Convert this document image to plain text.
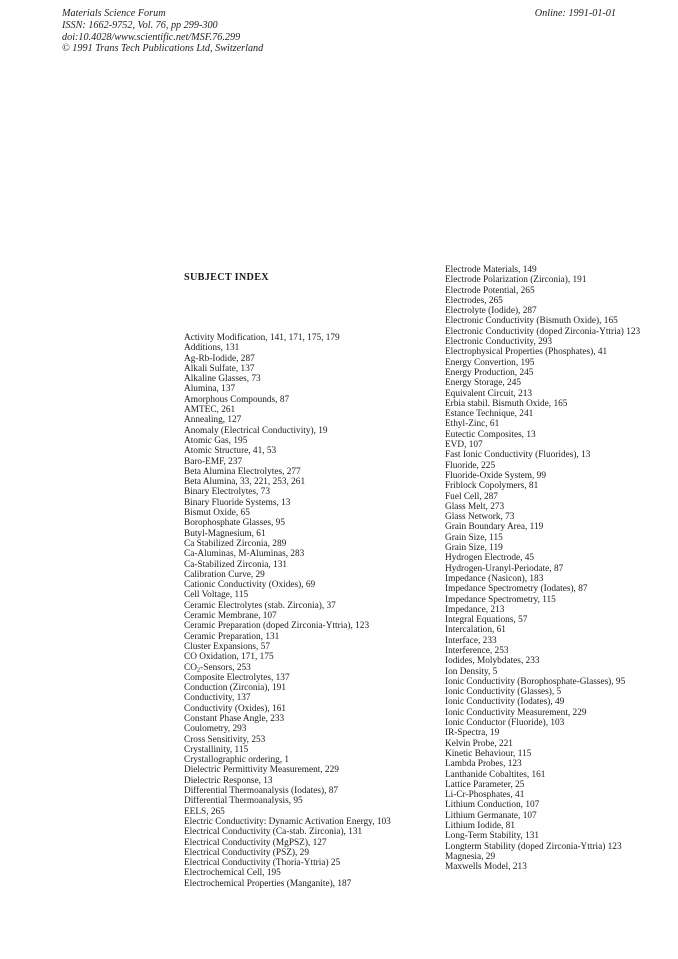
Materials Science Forum
ISSN: 1662-9752, Vol. 76, pp 299-300
doi:10.4028/www.scientific.net/MSF.76.299
© 1991 Trans Tech Publications Ltd, Switzerland
Online: 1991-01-01
SUBJECT INDEX
Activity Modification, 141, 171, 175, 179
Additions, 131
Ag-Rb-Iodide, 287
Alkali Sulfate, 137
Alkaline Glasses, 73
Alumina, 137
Amorphous Compounds, 87
AMTEC, 261
Annealing, 127
Anomaly (Electrical Conductivity), 19
Atomic Gas, 195
Atomic Structure, 41, 53
Baro-EMF, 237
Beta Alumina Electrolytes, 277
Beta Alumina, 33, 221, 253, 261
Binary Electrolytes, 73
Binary Fluoride Systems, 13
Bismut Oxide, 65
Borophosphate Glasses, 95
Butyl-Magnesium, 61
Ca Stabilized Zirconia, 289
Ca-Aluminas, M-Aluminas, 283
Ca-Stabilized Zirconia, 131
Calibration Curve, 29
Cationic Conductivity (Oxides), 69
Cell Voltage, 115
Ceramic Electrolytes (stab. Zirconia), 37
Ceramic Membrane, 107
Ceramic Preparation (doped Zirconia-Yttria), 123
Ceramic Preparation, 131
Cluster Expansions, 57
CO Oxidation, 171, 175
$CO_2$-Sensors, 253
Composite Electrolytes, 137
Conduction (Zirconia), 191
Conductivity, 137
Conductivity (Oxides), 161
Constant Phase Angle, 233
Coulometry, 293
Cross Sensitivity, 253
Crystallinity, 115
Crystallographic ordering, 1
Dielectric Permittivity Measurement, 229
Dielectric Response, 13
Differential Thermoanalysis (Iodates), 87
Differential Thermoanalysis, 95
EELS, 265
Electric Conductivity: Dynamic Activation Energy, 103
Electrical Conductivity (Ca-stab. Zirconia), 131
Electrical Conductivity (MgPSZ), 127
Electrical Conductivity (PSZ), 29
Electrical Conductivity (Thoria-Yttria) 25
Electrochemical Cell, 195
Electrochemical Properties (Manganite), 187
Electrode Materials, 149
Electrode Polarization (Zirconia), 191
Electrode Potential, 265
Electrodes, 265
Electrolyte (Iodide), 287
Electronic Conductivity (Bismuth Oxide), 165
Electronic Conductivity (doped Zirconia-Yttria) 123
Electronic Conductivity, 293
Electrophysical Properties (Phosphates), 41
Energy Convertion, 195
Energy Production, 245
Energy Storage, 245
Equivalent Circuit, 213
Erbia stabil. Bismuth Oxide, 165
Estance Technique, 241
Ethyl-Zinc, 61
Eutectic Composites, 13
EVD, 107
Fast Ionic Conductivity (Fluorides), 13
Fluoride, 225
Fluoride-Oxide System, 99
Friblock Copolymers, 81
Fuel Cell, 287
Glass Melt, 273
Glass Network, 73
Grain Boundary Area, 119
Grain Size, 115
Grain Size, 119
Hydrogen Electrode, 45
Hydrogen-Uranyl-Periodate, 87
Impedance (Nasicon), 183
Impedance Spectrometry (Iodates), 87
Impedance Spectrometry, 115
Impedance, 213
Integral Equations, 57
Intercalation, 61
Interface, 233
Interference, 253
Iodides, Molybdates, 233
Ion Density, 5
Ionic Conductivity (Borophosphate-Glasses), 95
Ionic Conductivity (Glasses), 5
Ionic Conductivity (Iodates), 49
Ionic Conductivity Measurement, 229
Ionic Conductor (Fluoride), 103
IR-Spectra, 19
Kelvin Probe, 221
Kinetic Behaviour, 115
Lambda Probes, 123
Lanthanide Cobaltites, 161
Lattice Parameter, 25
Li-Cr-Phosphates, 41
Lithium Conduction, 107
Lithium Germanate, 107
Lithium Iodide, 81
Long-Term Stability, 131
Longterm Stability (doped Zirconia-Yttria) 123
Magnesia, 29
Maxwells Model, 213
